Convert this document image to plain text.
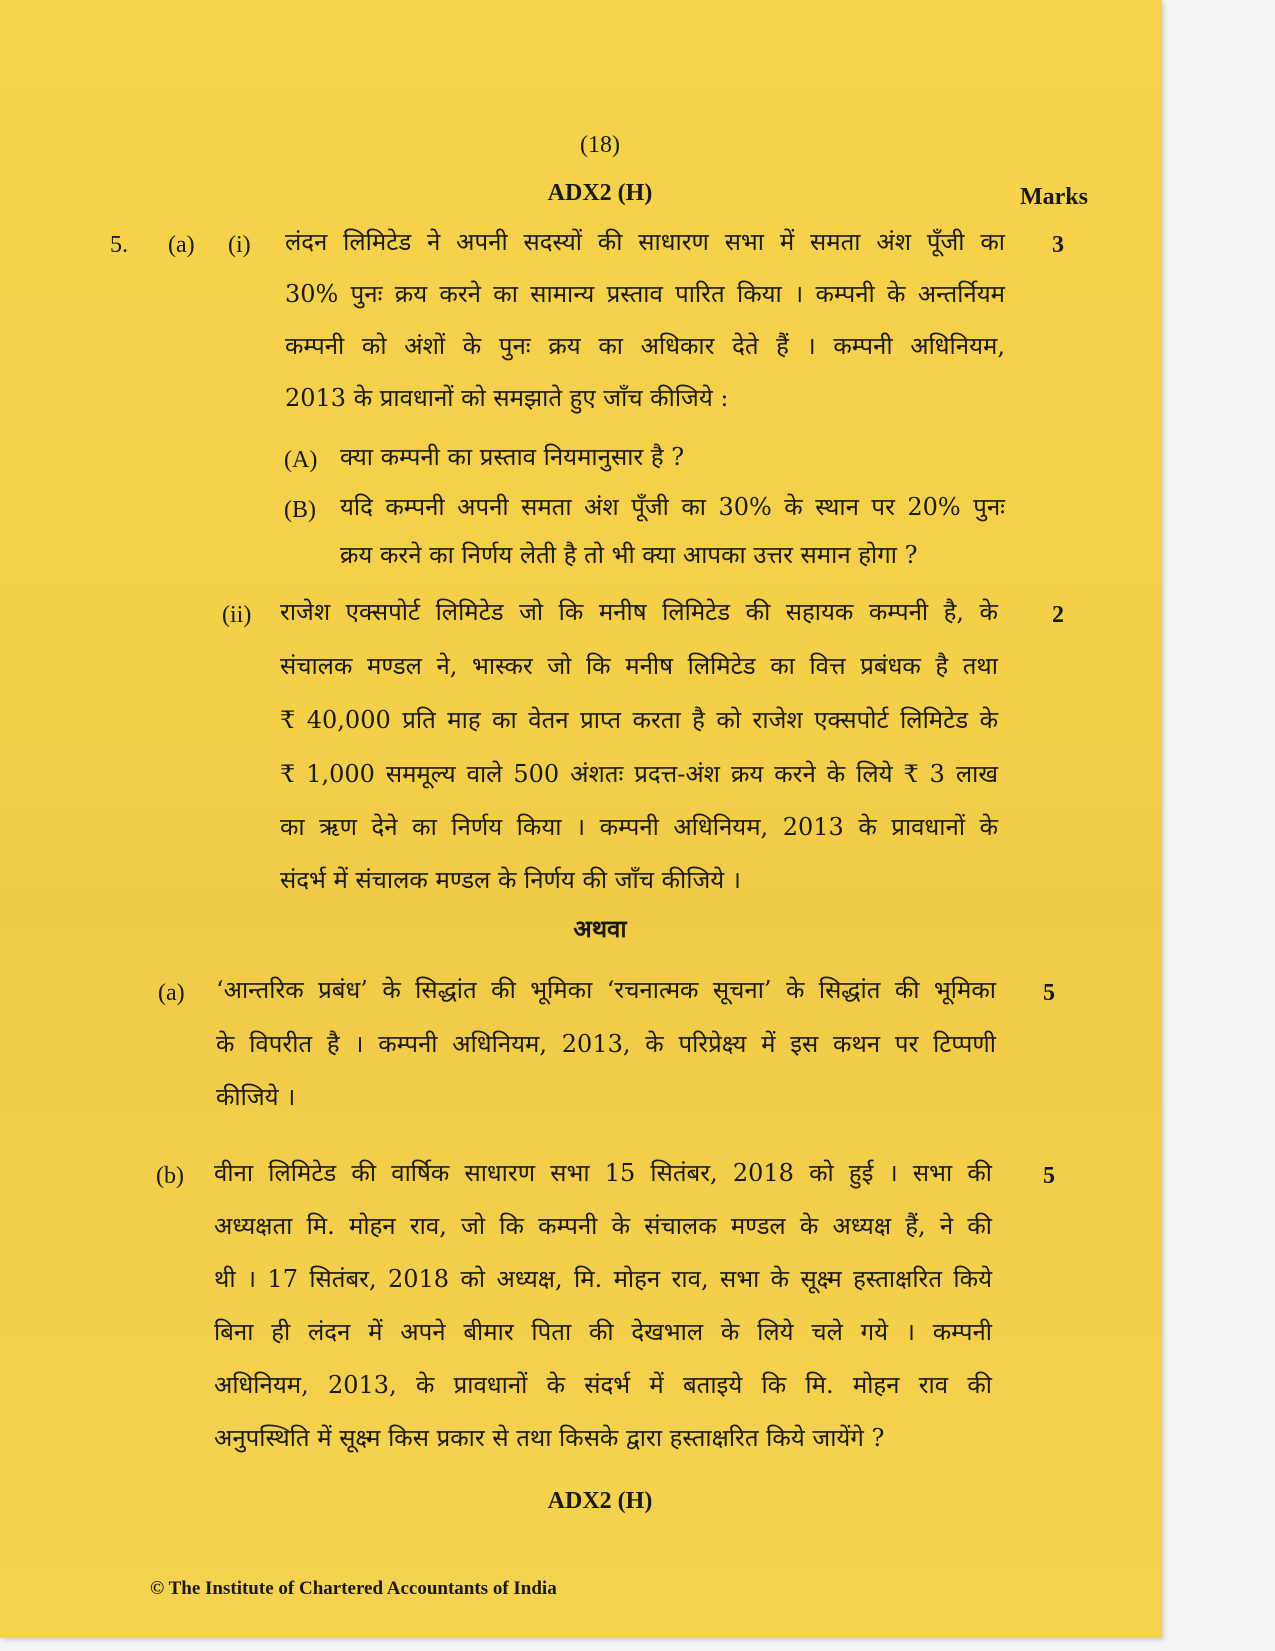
(18)
ADX2 (H)	Marks
5. (a) (i)	3
लंदन लिमिटेड ने अपनी सदस्यों की साधारण सभा में समता अंश पूँजी का
30% पुनः क्रय करने का सामान्य प्रस्ताव पारित किया । कम्पनी के अन्तर्नियम
कम्पनी को अंशों के पुनः क्रय का अधिकार देते हैं । कम्पनी अधिनियम,
2013 के प्रावधानों को समझाते हुए जाँच कीजिये :
(A) क्या कम्पनी का प्रस्ताव नियमानुसार है ?
(B) यदि कम्पनी अपनी समता अंश पूँजी का 30% के स्थान पर 20% पुनः
क्रय करने का निर्णय लेती है तो भी क्या आपका उत्तर समान होगा ?
(ii)	2
राजेश एक्सपोर्ट लिमिटेड जो कि मनीष लिमिटेड की सहायक कम्पनी है, के
संचालक मण्डल ने, भास्कर जो कि मनीष लिमिटेड का वित्त प्रबंधक है तथा
₹ 40,000 प्रति माह का वेतन प्राप्त करता है को राजेश एक्सपोर्ट लिमिटेड के
₹ 1,000 सममूल्य वाले 500 अंशतः प्रदत्त-अंश क्रय करने के लिये ₹ 3 लाख
का ऋण देने का निर्णय किया । कम्पनी अधिनियम, 2013 के प्रावधानों के
संदर्भ में संचालक मण्डल के निर्णय की जाँच कीजिये ।
अथवा
(a)	5
‘आन्तरिक प्रबंध’ के सिद्धांत की भूमिका ‘रचनात्मक सूचना’ के सिद्धांत की भूमिका
के विपरीत है । कम्पनी अधिनियम, 2013, के परिप्रेक्ष्य में इस कथन पर टिप्पणी
कीजिये ।
(b)	5
वीना लिमिटेड की वार्षिक साधारण सभा 15 सितंबर, 2018 को हुई । सभा की
अध्यक्षता मि. मोहन राव, जो कि कम्पनी के संचालक मण्डल के अध्यक्ष हैं, ने की
थी । 17 सितंबर, 2018 को अध्यक्ष, मि. मोहन राव, सभा के सूक्ष्म हस्ताक्षरित किये
बिना ही लंदन में अपने बीमार पिता की देखभाल के लिये चले गये । कम्पनी
अधिनियम, 2013, के प्रावधानों के संदर्भ में बताइये कि मि. मोहन राव की
अनुपस्थिति में सूक्ष्म किस प्रकार से तथा किसके द्वारा हस्ताक्षरित किये जायेंगे ?
ADX2 (H)
© The Institute of Chartered Accountants of India
